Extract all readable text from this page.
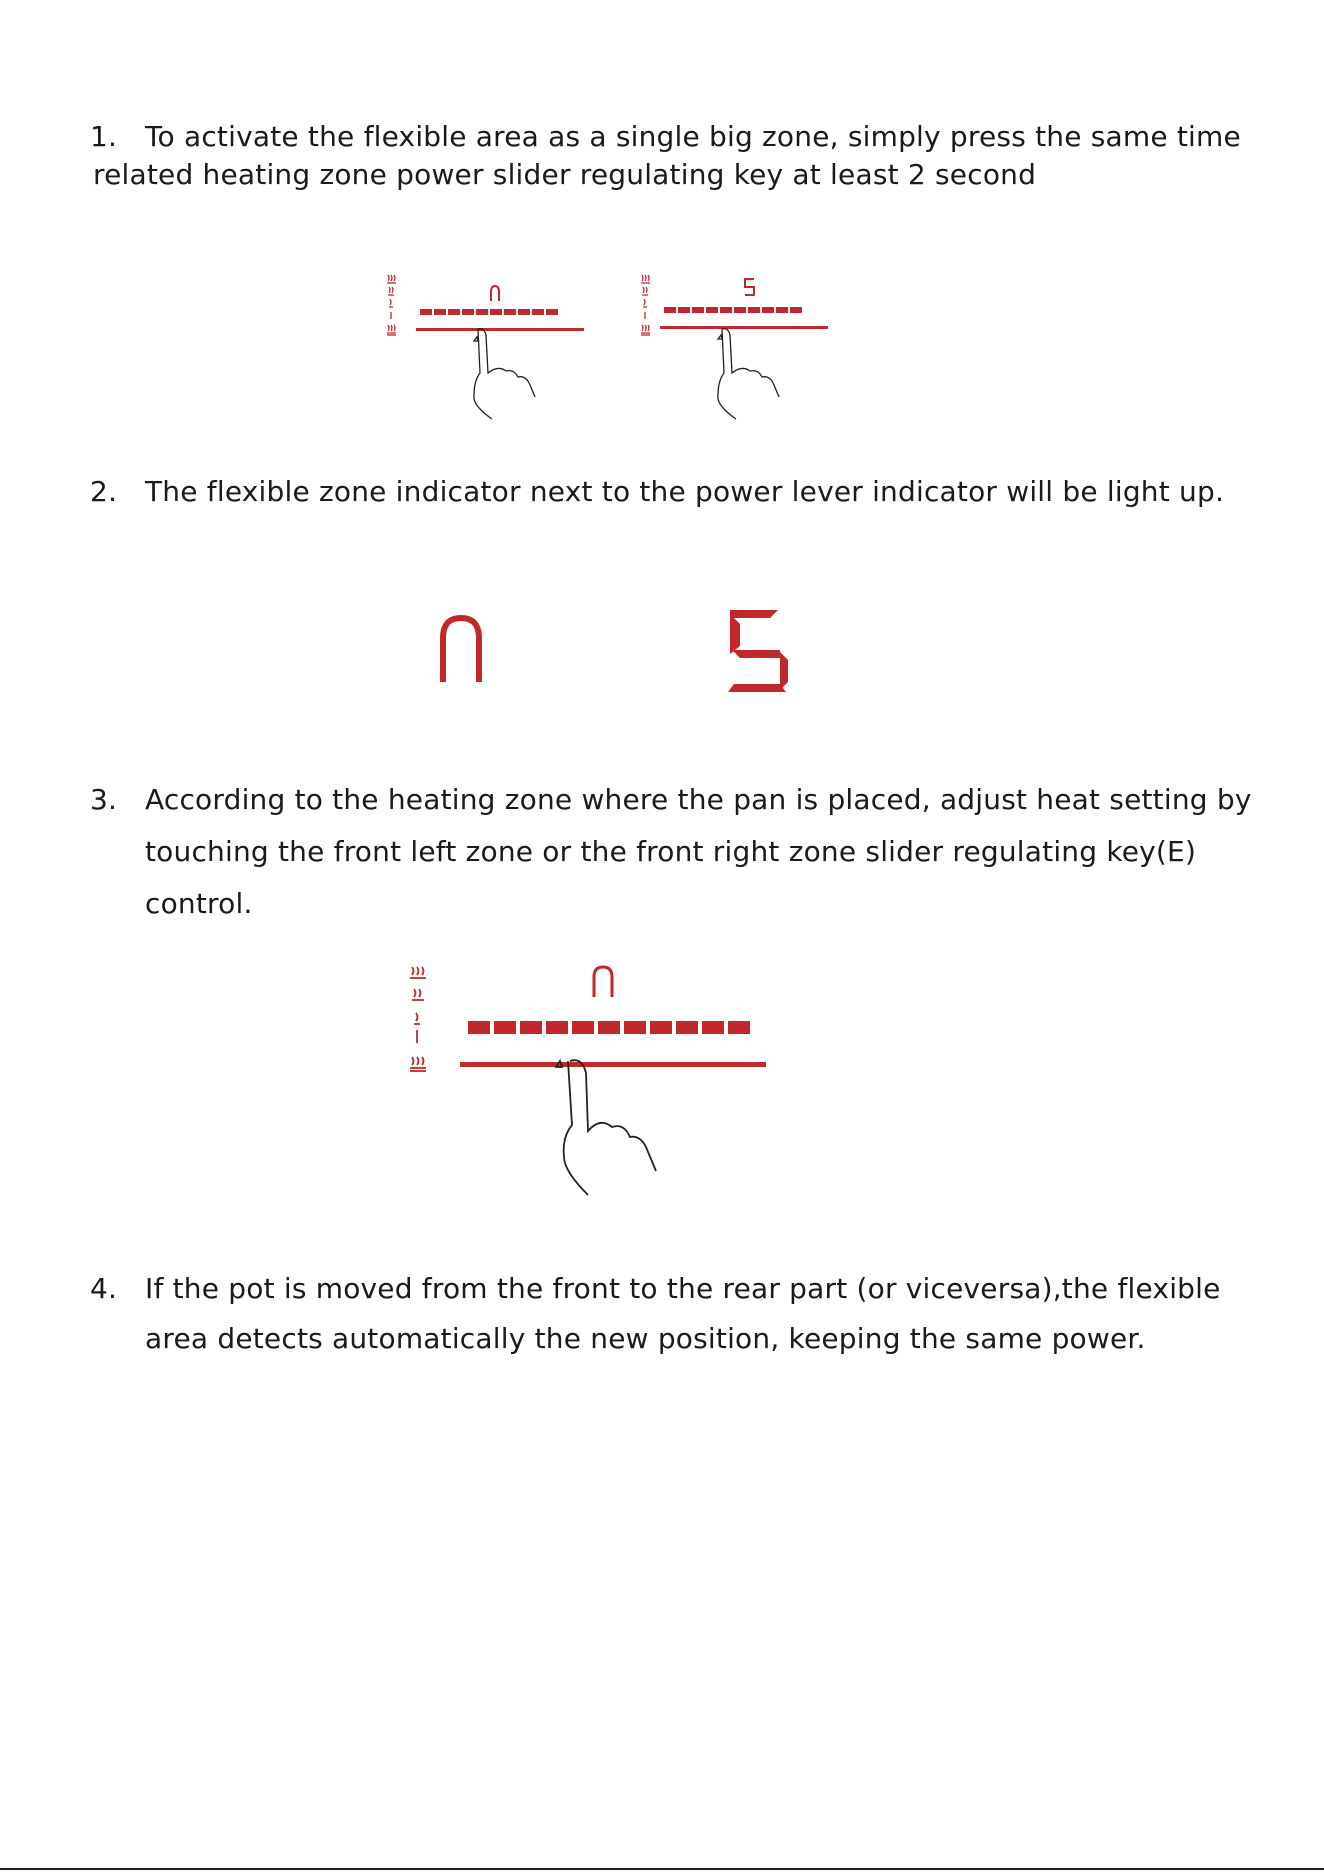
1. To activate the flexible area as a single big zone, simply press the same time
related heating zone power slider regulating key at least 2 second
2. The flexible zone indicator next to the power lever indicator will be light up.
3. According to the heating zone where the pan is placed, adjust heat setting by
touching the front left zone or the front right zone slider regulating key(E)
control.
4. If the pot is moved from the front to the rear part (or viceversa),the flexible
area detects automatically the new position, keeping the same power.
